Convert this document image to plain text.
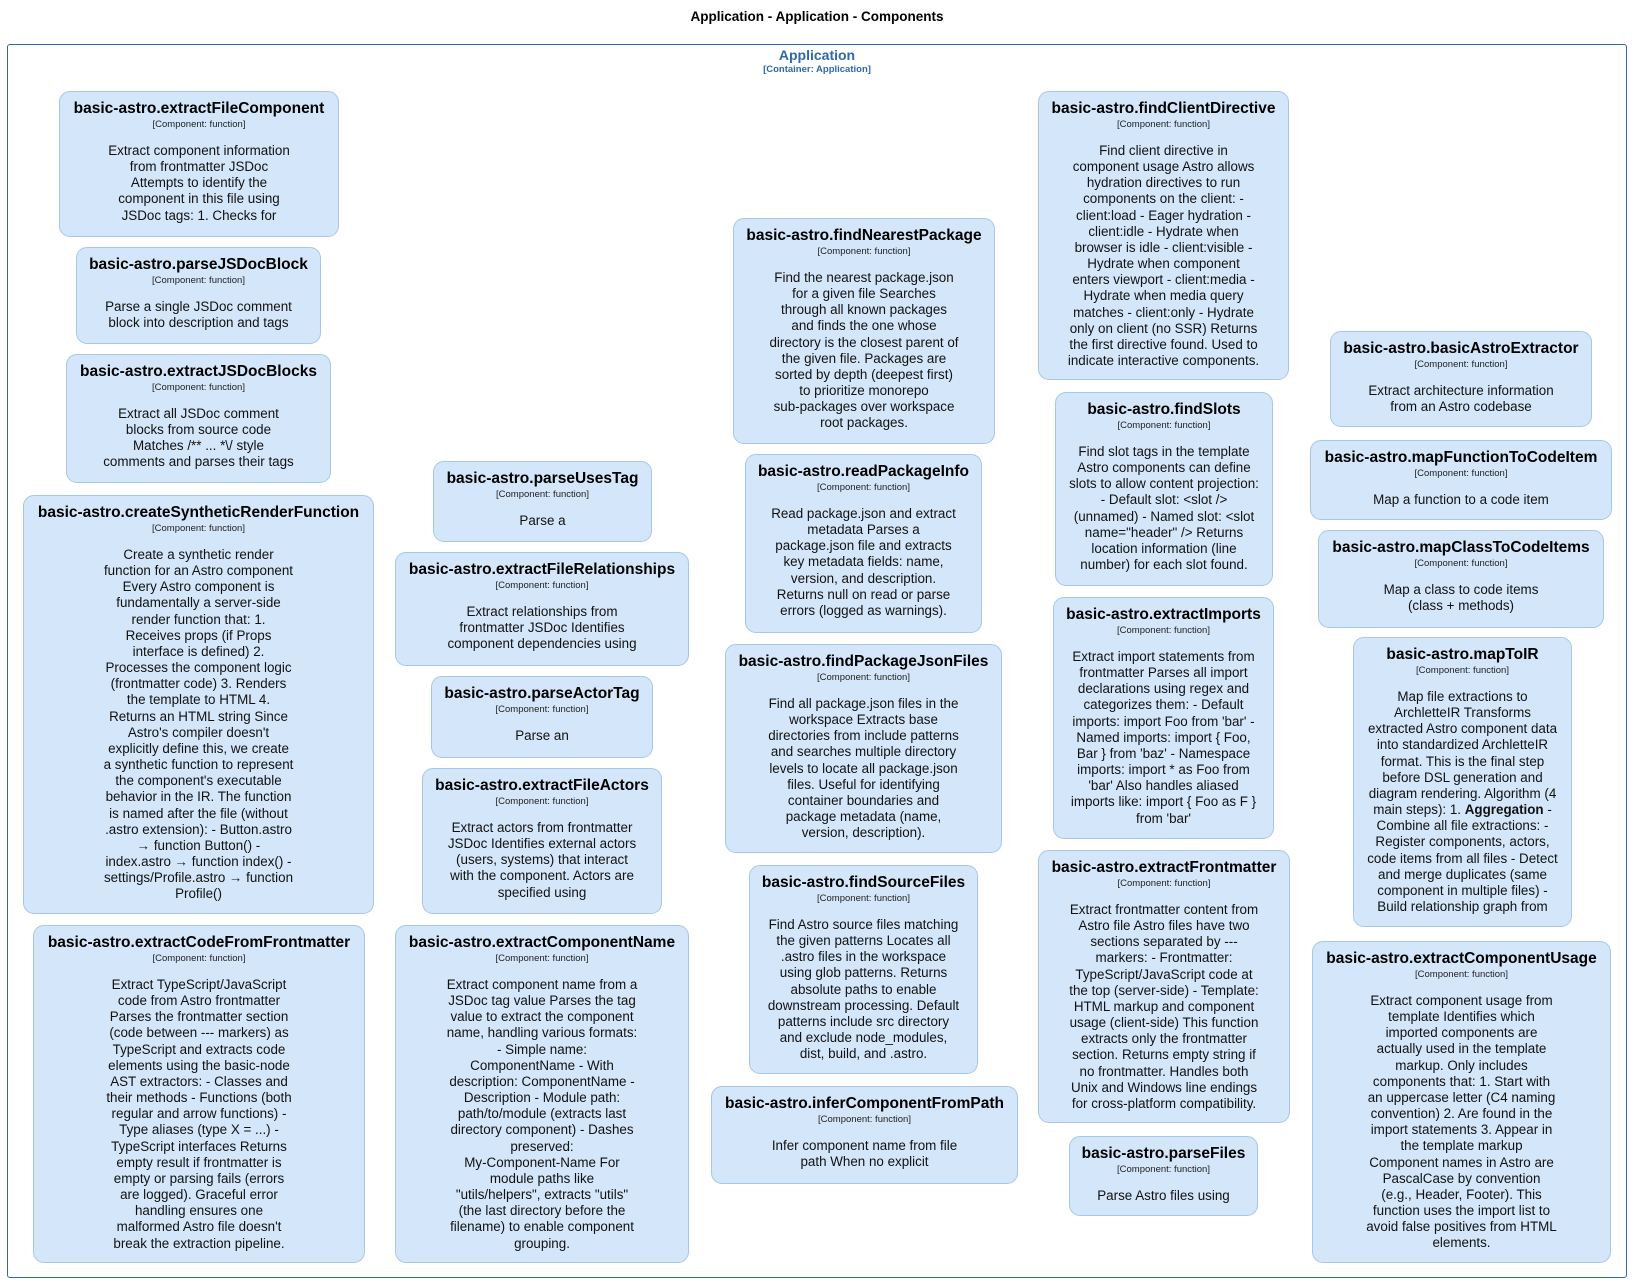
Application - Application - Components
Application
[Container: Application]
basic-astro.extractFileComponent
[Component: function]
Extract component information
from frontmatter JSDoc
Attempts to identify the
component in this file using
JSDoc tags: 1. Checks for
basic-astro.parseJSDocBlock
[Component: function]
Parse a single JSDoc comment
block into description and tags
basic-astro.extractJSDocBlocks
[Component: function]
Extract all JSDoc comment
blocks from source code
Matches /** ... *\/ style
comments and parses their tags
basic-astro.createSyntheticRenderFunction
[Component: function]
Create a synthetic render
function for an Astro component
Every Astro component is
fundamentally a server-side
render function that: 1.
Receives props (if Props
interface is defined) 2.
Processes the component logic
(frontmatter code) 3. Renders
the template to HTML 4.
Returns an HTML string Since
Astro's compiler doesn't
explicitly define this, we create
a synthetic function to represent
the component's executable
behavior in the IR. The function
is named after the file (without
.astro extension): - Button.astro
→ function Button() -
index.astro → function index() -
settings/Profile.astro → function
Profile()
basic-astro.extractCodeFromFrontmatter
[Component: function]
Extract TypeScript/JavaScript
code from Astro frontmatter
Parses the frontmatter section
(code between --- markers) as
TypeScript and extracts code
elements using the basic-node
AST extractors: - Classes and
their methods - Functions (both
regular and arrow functions) -
Type aliases (type X = ...) -
TypeScript interfaces Returns
empty result if frontmatter is
empty or parsing fails (errors
are logged). Graceful error
handling ensures one
malformed Astro file doesn't
break the extraction pipeline.
basic-astro.parseUsesTag
[Component: function]
Parse a
basic-astro.extractFileRelationships
[Component: function]
Extract relationships from
frontmatter JSDoc Identifies
component dependencies using
basic-astro.parseActorTag
[Component: function]
Parse an
basic-astro.extractFileActors
[Component: function]
Extract actors from frontmatter
JSDoc Identifies external actors
(users, systems) that interact
with the component. Actors are
specified using
basic-astro.extractComponentName
[Component: function]
Extract component name from a
JSDoc tag value Parses the tag
value to extract the component
name, handling various formats:
- Simple name:
ComponentName - With
description: ComponentName -
Description - Module path:
path/to/module (extracts last
directory component) - Dashes
preserved:
My-Component-Name For
module paths like
"utils/helpers", extracts "utils"
(the last directory before the
filename) to enable component
grouping.
basic-astro.findNearestPackage
[Component: function]
Find the nearest package.json
for a given file Searches
through all known packages
and finds the one whose
directory is the closest parent of
the given file. Packages are
sorted by depth (deepest first)
to prioritize monorepo
sub-packages over workspace
root packages.
basic-astro.readPackageInfo
[Component: function]
Read package.json and extract
metadata Parses a
package.json file and extracts
key metadata fields: name,
version, and description.
Returns null on read or parse
errors (logged as warnings).
basic-astro.findPackageJsonFiles
[Component: function]
Find all package.json files in the
workspace Extracts base
directories from include patterns
and searches multiple directory
levels to locate all package.json
files. Useful for identifying
container boundaries and
package metadata (name,
version, description).
basic-astro.findSourceFiles
[Component: function]
Find Astro source files matching
the given patterns Locates all
.astro files in the workspace
using glob patterns. Returns
absolute paths to enable
downstream processing. Default
patterns include src directory
and exclude node_modules,
dist, build, and .astro.
basic-astro.inferComponentFromPath
[Component: function]
Infer component name from file
path When no explicit
basic-astro.findClientDirective
[Component: function]
Find client directive in
component usage Astro allows
hydration directives to run
components on the client: -
client:load - Eager hydration -
client:idle - Hydrate when
browser is idle - client:visible -
Hydrate when component
enters viewport - client:media -
Hydrate when media query
matches - client:only - Hydrate
only on client (no SSR) Returns
the first directive found. Used to
indicate interactive components.
basic-astro.findSlots
[Component: function]
Find slot tags in the template
Astro components can define
slots to allow content projection:
- Default slot: <slot />
(unnamed) - Named slot: <slot
name="header" /> Returns
location information (line
number) for each slot found.
basic-astro.extractImports
[Component: function]
Extract import statements from
frontmatter Parses all import
declarations using regex and
categorizes them: - Default
imports: import Foo from 'bar' -
Named imports: import { Foo,
Bar } from 'baz' - Namespace
imports: import * as Foo from
'bar' Also handles aliased
imports like: import { Foo as F }
from 'bar'
basic-astro.extractFrontmatter
[Component: function]
Extract frontmatter content from
Astro file Astro files have two
sections separated by ---
markers: - Frontmatter:
TypeScript/JavaScript code at
the top (server-side) - Template:
HTML markup and component
usage (client-side) This function
extracts only the frontmatter
section. Returns empty string if
no frontmatter. Handles both
Unix and Windows line endings
for cross-platform compatibility.
basic-astro.parseFiles
[Component: function]
Parse Astro files using
basic-astro.basicAstroExtractor
[Component: function]
Extract architecture information
from an Astro codebase
basic-astro.mapFunctionToCodeItem
[Component: function]
Map a function to a code item
basic-astro.mapClassToCodeItems
[Component: function]
Map a class to code items
(class + methods)
basic-astro.mapToIR
[Component: function]
Map file extractions to
ArchletteIR Transforms
extracted Astro component data
into standardized ArchletteIR
format. This is the final step
before DSL generation and
diagram rendering. Algorithm (4
main steps): 1. Aggregation -
Combine all file extractions: -
Register components, actors,
code items from all files - Detect
and merge duplicates (same
component in multiple files) -
Build relationship graph from
basic-astro.extractComponentUsage
[Component: function]
Extract component usage from
template Identifies which
imported components are
actually used in the template
markup. Only includes
components that: 1. Start with
an uppercase letter (C4 naming
convention) 2. Are found in the
import statements 3. Appear in
the template markup
Component names in Astro are
PascalCase by convention
(e.g., Header, Footer). This
function uses the import list to
avoid false positives from HTML
elements.
